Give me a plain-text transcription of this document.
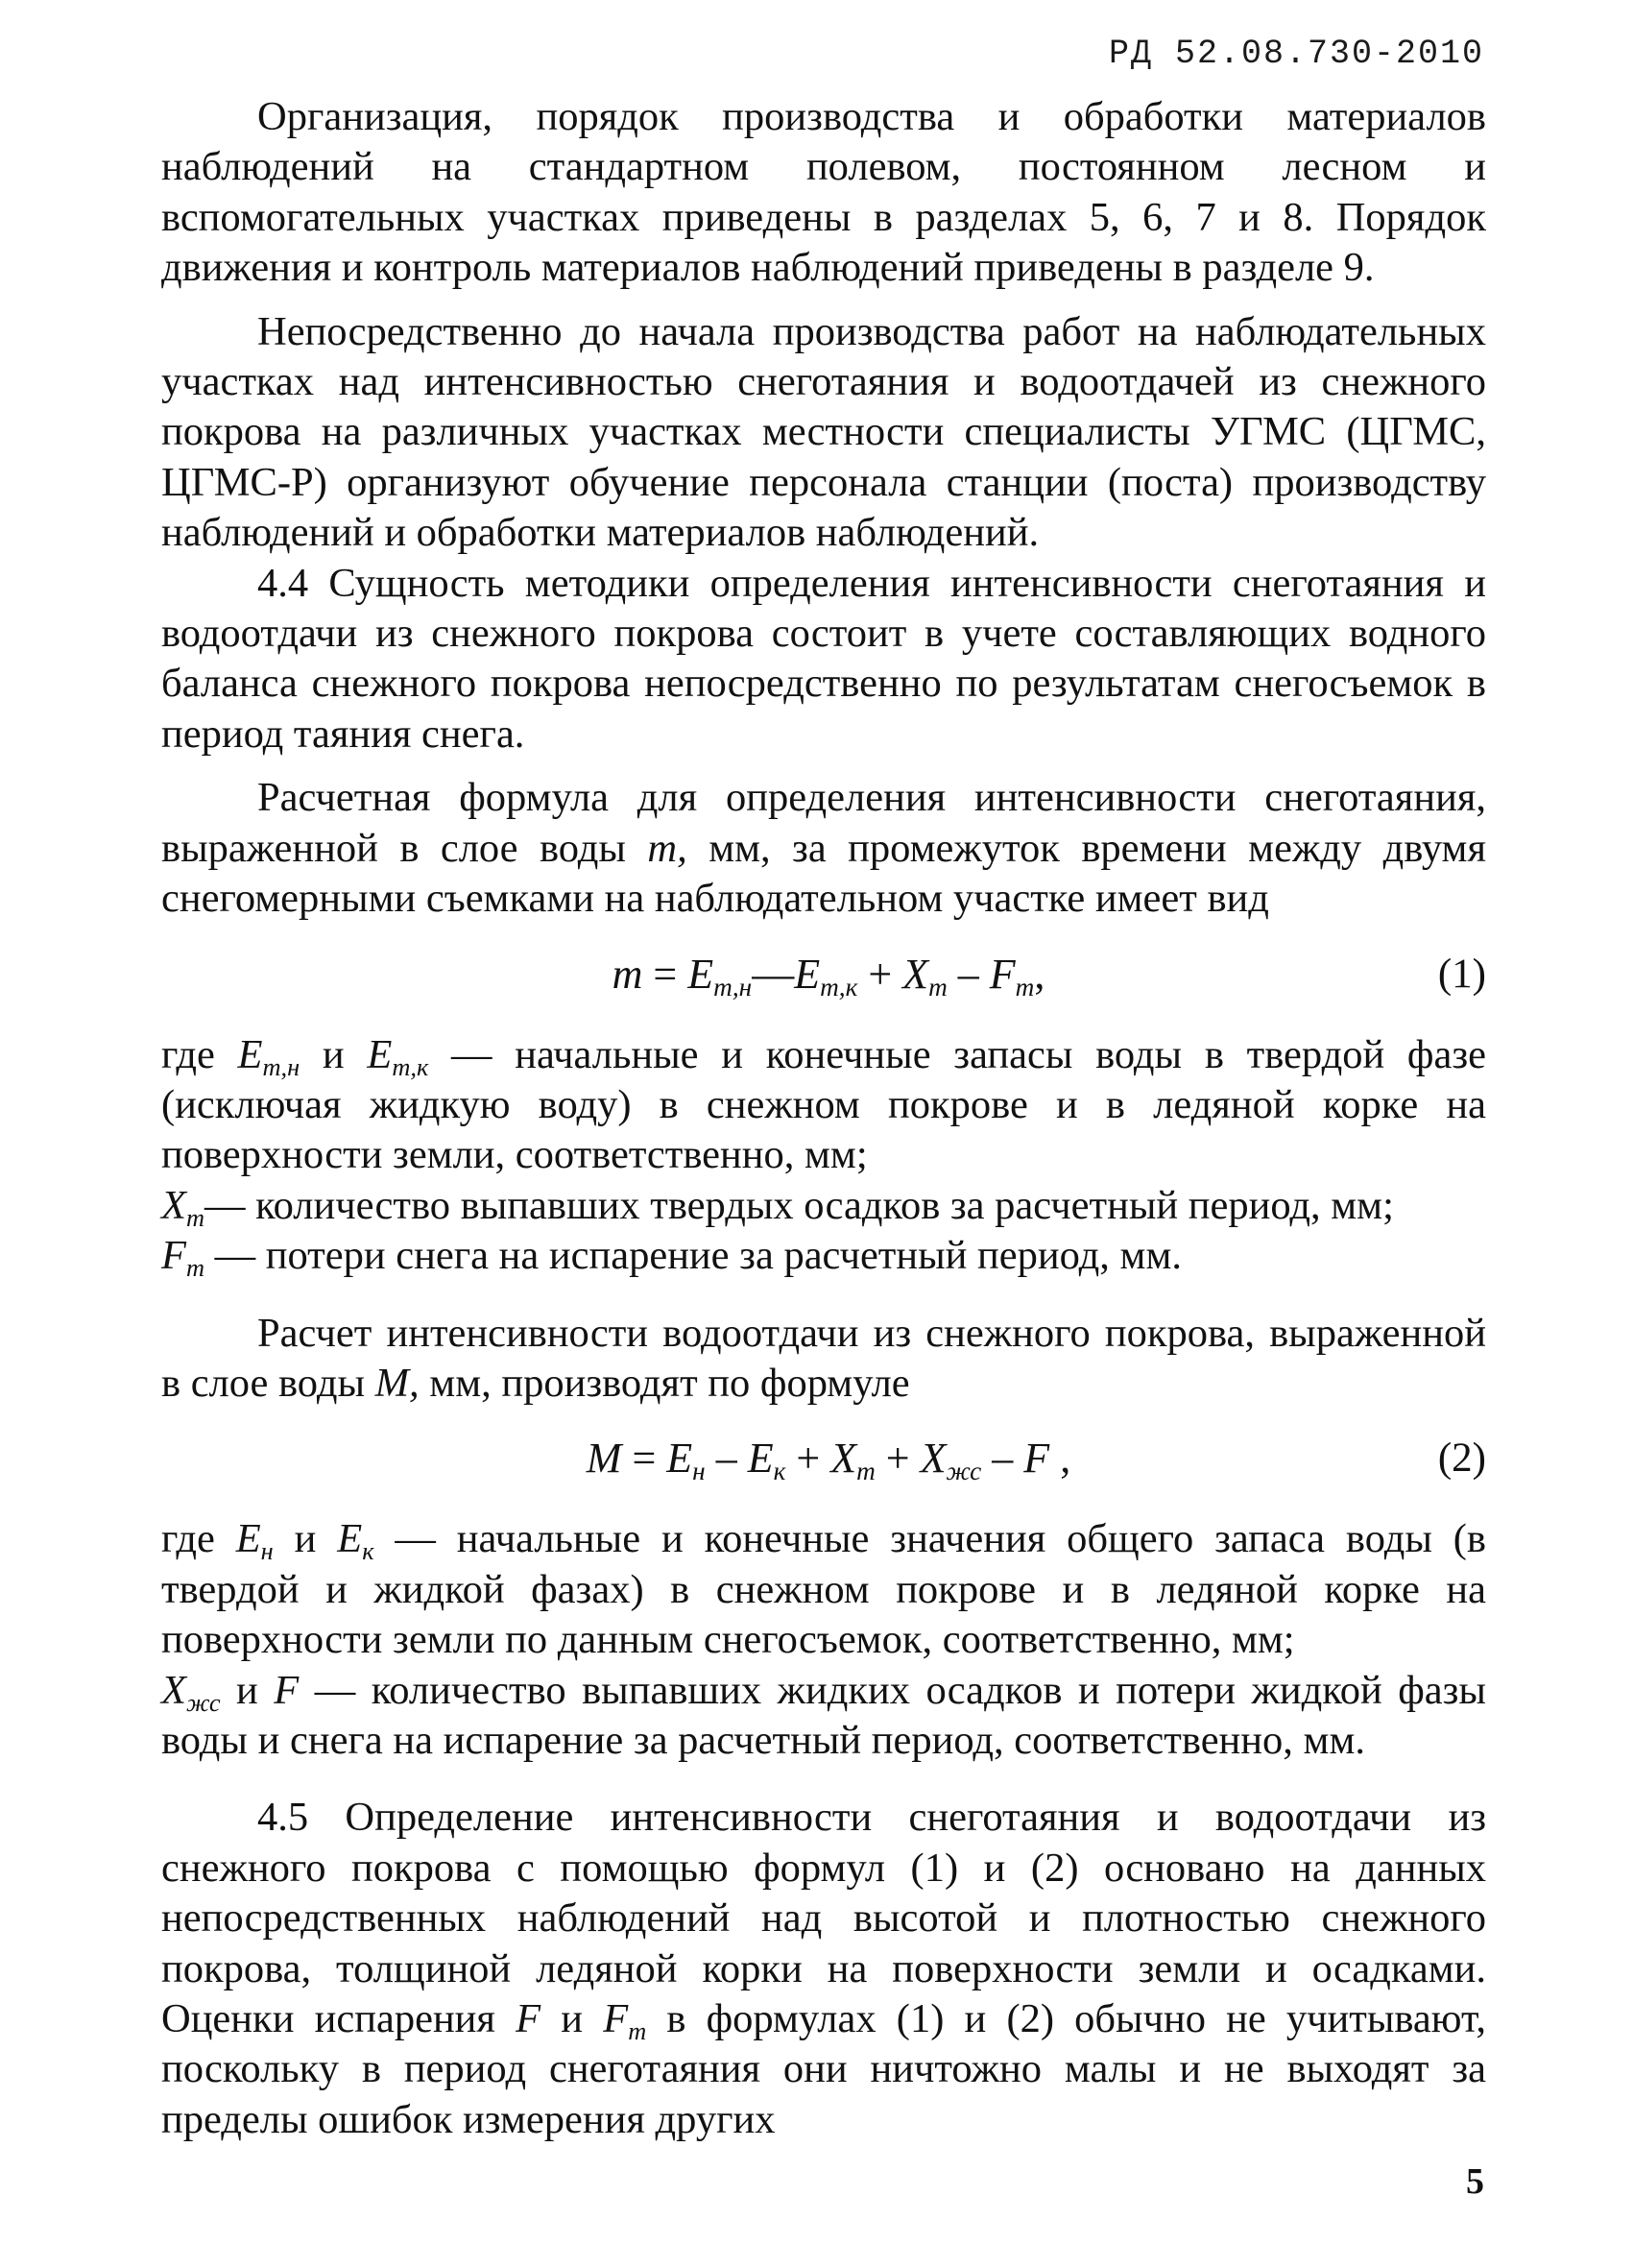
РД 52.08.730-2010

Организация, порядок производства и обработки материалов наблюдений на стандартном полевом, постоянном лесном и вспомогательных участках приведены в разделах 5, 6, 7 и 8. Порядок движения и контроль материалов наблюдений приведены в разделе 9.

Непосредственно до начала производства работ на наблюдательных участках над интенсивностью снеготаяния и водоотдачей из снежного покрова на различных участках местности специалисты УГМС (ЦГМС, ЦГМС-Р) организуют обучение персонала станции (поста) производству наблюдений и обработки материалов наблюдений.

4.4 Сущность методики определения интенсивности снеготаяния и водоотдачи из снежного покрова состоит в учете составляющих водного баланса снежного покрова непосредственно по результатам снегосъемок в период таяния снега.

Расчетная формула для определения интенсивности снеготаяния, выраженной в слое воды m, мм, за промежуток времени между двумя снегомерными съемками на наблюдательном участке имеет вид

$m = E_{m,н}—E_{m,к} + X_m - F_m$,	(1)

где $E_{m,н}$ и $E_{m,к}$ — начальные и конечные запасы воды в твердой фазе (исключая жидкую воду) в снежном покрове и в ледяной корке на поверхности земли, соответственно, мм;

$X_m—$ количество выпавших твердых осадков за расчетный период, мм;

$F_m$ — потери снега на испарение за расчетный период, мм.

Расчет интенсивности водоотдачи из снежного покрова, выраженной в слое воды M, мм, производят по формуле

$M = E_н - E_к + X_m + X_{жс} - F$ ,	(2)

где $E_н$ и $E_к$ — начальные и конечные значения общего запаса воды (в твердой и жидкой фазах) в снежном покрове и в ледяной корке на поверхности земли по данным снегосъемок, соответственно, мм;

$X_{жс}$ и F — количество выпавших жидких осадков и потери жидкой фазы воды и снега на испарение за расчетный период, соответственно, мм.

4.5 Определение интенсивности снеготаяния и водоотдачи из снежного покрова с помощью формул (1) и (2) основано на данных непосредственных наблюдений над высотой и плотностью снежного покрова, толщиной ледяной корки на поверхности земли и осадками. Оценки испарения F и $F_m$ в формулах (1) и (2) обычно не учитывают, поскольку в период снеготаяния они ничтожно малы и не выходят за пределы ошибок измерения других

5
